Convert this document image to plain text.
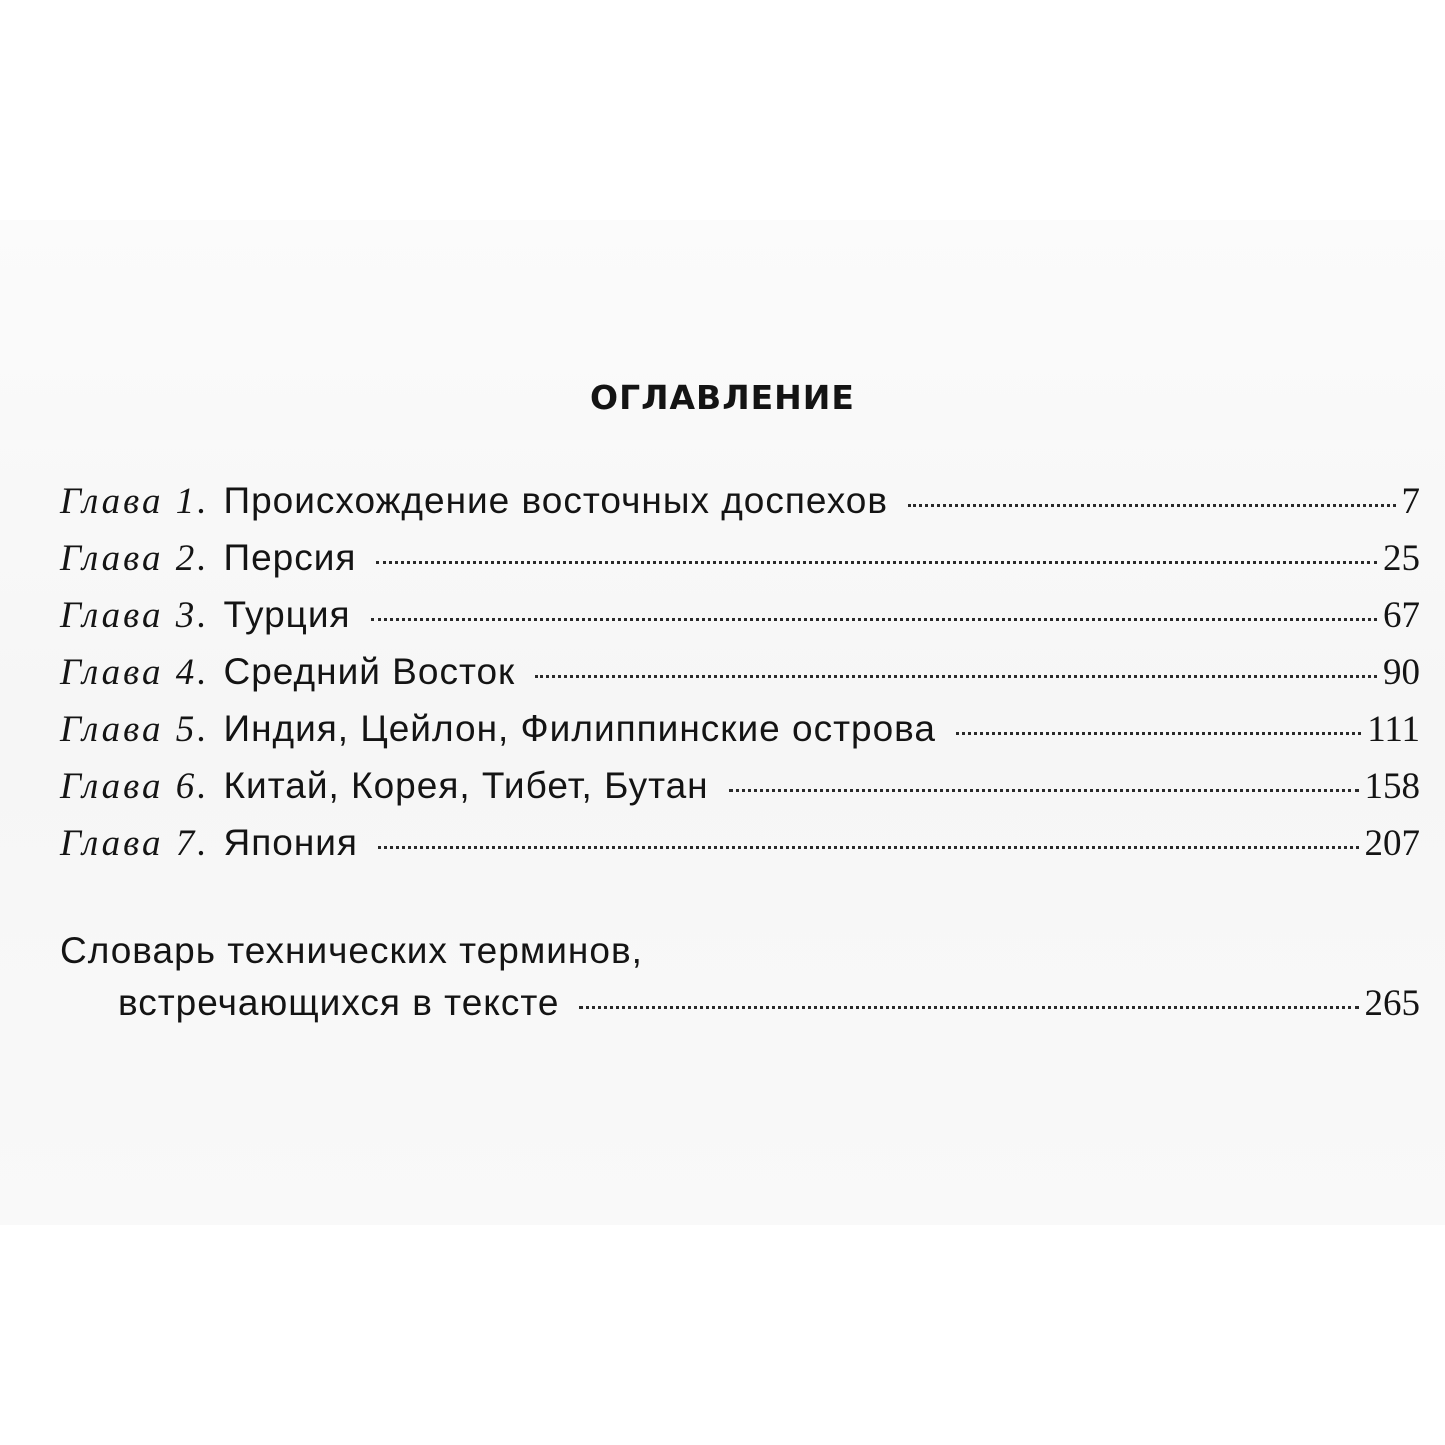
ОГЛАВЛЕНИЕ
Глава 1. Происхождение восточных доспехов	7
Глава 2. Персия	25
Глава 3. Турция	67
Глава 4. Средний Восток	90
Глава 5. Индия, Цейлон, Филиппинские острова	111
Глава 6. Китай, Корея, Тибет, Бутан	158
Глава 7. Япония	207
Словарь технических терминов,
встречающихся в тексте	265
